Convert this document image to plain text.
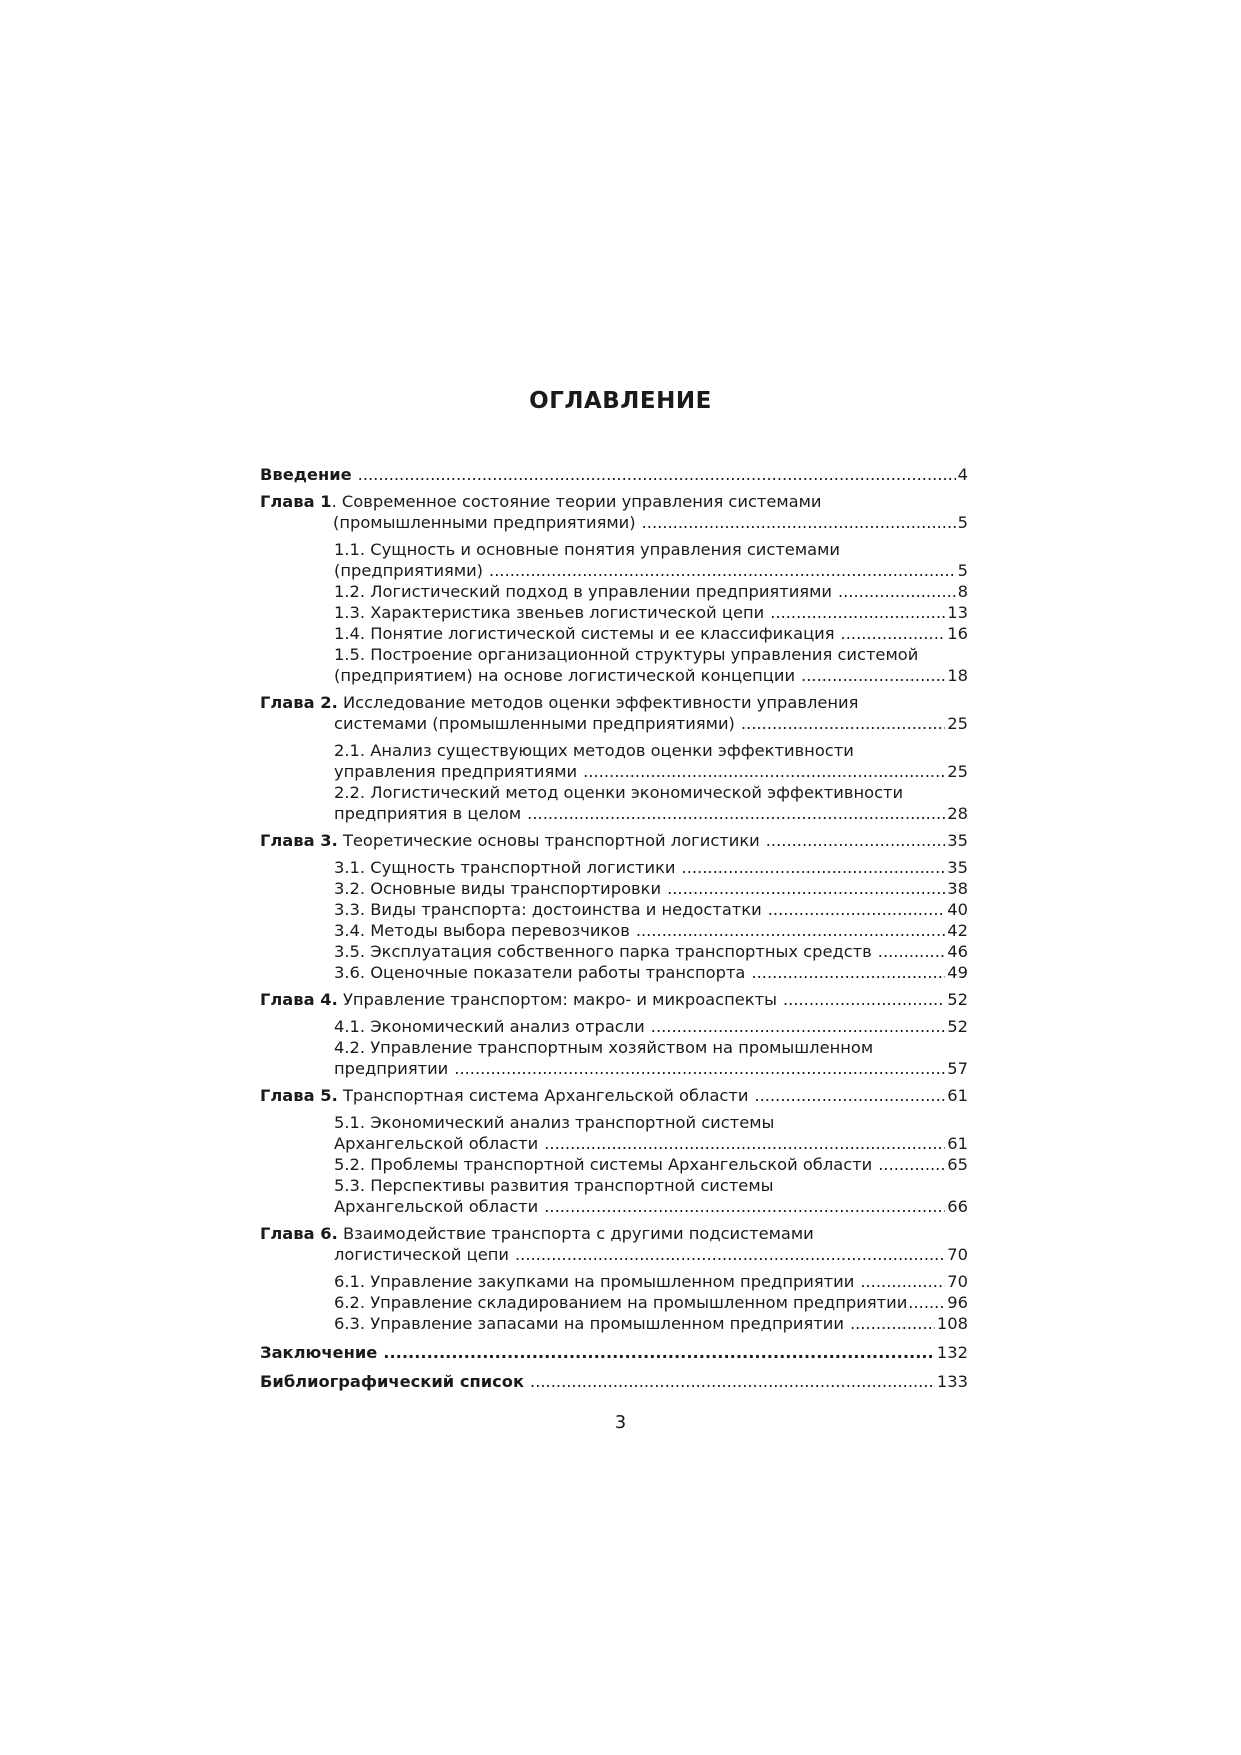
ОГЛАВЛЕНИЕ
Введение .....	4
Глава 1. Современное состояние теории управления системами
(промышленными предприятиями) .....	5
1.1. Сущность и основные понятия управления системами
(предприятиями) .....	5
1.2. Логистический подход в управлении предприятиями .....	8
1.3. Характеристика звеньев логистической цепи .....	13
1.4. Понятие логистической системы и ее классификация .....	16
1.5. Построение организационной структуры управления системой
(предприятием) на основе логистической концепции .....	18
Глава 2. Исследование методов оценки эффективности управления
системами (промышленными предприятиями) .....	25
2.1. Анализ существующих методов оценки эффективности
управления предприятиями .....	25
2.2. Логистический метод оценки экономической эффективности
предприятия в целом .....	28
Глава 3. Теоретические основы транспортной логистики .....	35
3.1. Сущность транспортной логистики .....	35
3.2. Основные виды транспортировки .....	38
3.3. Виды транспорта: достоинства и недостатки .....	40
3.4. Методы выбора перевозчиков .....	42
3.5. Эксплуатация собственного парка транспортных средств .....	46
3.6. Оценочные показатели работы транспорта .....	49
Глава 4. Управление транспортом: макро- и микроаспекты .....	52
4.1. Экономический анализ отрасли .....	52
4.2. Управление транспортным хозяйством на промышленном
предприятии .....	57
Глава 5. Транспортная система Архангельской области .....	61
5.1. Экономический анализ транспортной системы
Архангельской области .....	61
5.2. Проблемы транспортной системы Архангельской области .....	65
5.3. Перспективы развития транспортной системы
Архангельской области .....	66
Глава 6. Взаимодействие транспорта с другими подсистемами
логистической цепи .....	70
6.1. Управление закупками на промышленном предприятии .....	70
6.2. Управление складированием на промышленном предприятии ..... 96
6.3. Управление запасами на промышленном предприятии .....	108
Заключение .....	132
Библиографический список .....	133
3
